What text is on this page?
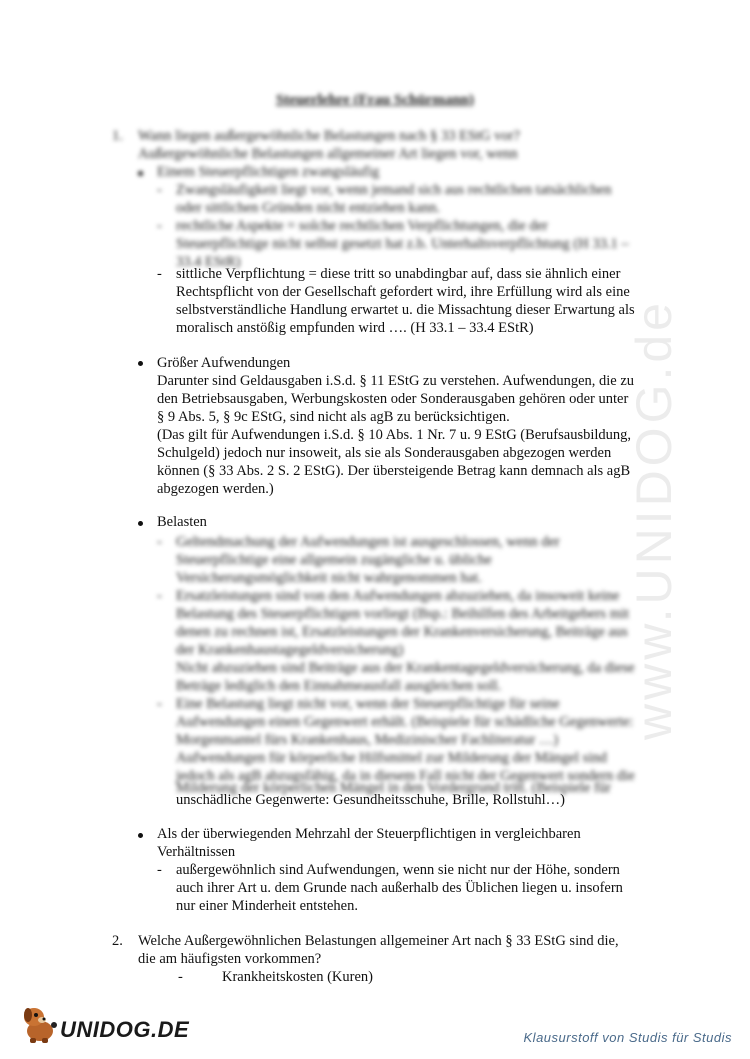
www.UNIDOG.de
Steuerlehre (Frau Schürmann)
1. Wann liegen außergewöhnliche Belastungen nach § 33 EStG vor?
Außergewöhnliche Belastungen allgemeiner Art liegen vor, wenn
Einem Steuerpflichtigen zwangsläufig
- Zwangsläufigkeit liegt vor, wenn jemand sich aus rechtlichen tatsächlichen
oder sittlichen Gründen nicht entziehen kann.
- rechtliche Aspekte = solche rechtlichen Verpflichtungen, die der
Steuerpflichtige nicht selbst gesetzt hat z.b. Unterhaltsverpflichtung (H 33.1 –
33.4 EStR)
- sittliche Verpflichtung = diese tritt so unabdingbar auf, dass sie ähnlich einer
Rechtspflicht von der Gesellschaft gefordert wird, ihre Erfüllung wird als eine
selbstverständliche Handlung erwartet u. die Missachtung dieser Erwartung als
moralisch anstößig empfunden wird …. (H 33.1 – 33.4 EStR)
Größer Aufwendungen
Darunter sind Geldausgaben i.S.d. § 11 EStG zu verstehen. Aufwendungen, die zu
den Betriebsausgaben, Werbungskosten oder Sonderausgaben gehören oder unter
§ 9 Abs. 5, § 9c EStG, sind nicht als agB zu berücksichtigen.
(Das gilt für Aufwendungen i.S.d. § 10 Abs. 1 Nr. 7 u. 9 EStG (Berufsausbildung,
Schulgeld) jedoch nur insoweit, als sie als Sonderausgaben abgezogen werden
können (§ 33 Abs. 2 S. 2 EStG). Der übersteigende Betrag kann demnach als agB
abgezogen werden.)
Belasten
- Geltendmachung der Aufwendungen ist ausgeschlossen, wenn der
Steuerpflichtige eine allgemein zugängliche u. übliche
Versicherungsmöglichkeit nicht wahrgenommen hat.
- Ersatzleistungen sind von den Aufwendungen abzuziehen, da insoweit keine
Belastung des Steuerpflichtigen vorliegt (Bsp.: Beihilfen des Arbeitgebers mit
denen zu rechnen ist, Ersatzleistungen der Krankenversicherung, Beiträge aus
der Krankenhaustagegeldversicherung)
Nicht abzuziehen sind Beiträge aus der Krankentagegeldversicherung, da diese
Beträge lediglich den Einnahmeausfall ausgleichen soll.
- Eine Belastung liegt nicht vor, wenn der Steuerpflichtige für seine
Aufwendungen einen Gegenwert erhält. (Beispiele für schädliche Gegenwerte:
Morgenmantel fürs Krankenhaus, Medizinischer Fachliteratur …)
Aufwendungen für körperliche Hilfsmittel zur Milderung der Mängel sind
jedoch als agB abzugsfähig, da in diesem Fall nicht der Gegenwert sondern die
Milderung der körperlichen Mängel in den Vordergrund tritt. (Beispiele für
unschädliche Gegenwerte: Gesundheitsschuhe, Brille, Rollstuhl…)
Als der überwiegenden Mehrzahl der Steuerpflichtigen in vergleichbaren
Verhältnissen
- außergewöhnlich sind Aufwendungen, wenn sie nicht nur der Höhe, sondern
auch ihrer Art u. dem Grunde nach außerhalb des Üblichen liegen u. insofern
nur einer Minderheit entstehen.
2. Welche Außergewöhnlichen Belastungen allgemeiner Art nach § 33 EStG sind die,
die am häufigsten vorkommen?
-	Krankheitskosten (Kuren)
UNIDOG.DE	Klausurstoff von Studis für Studis
